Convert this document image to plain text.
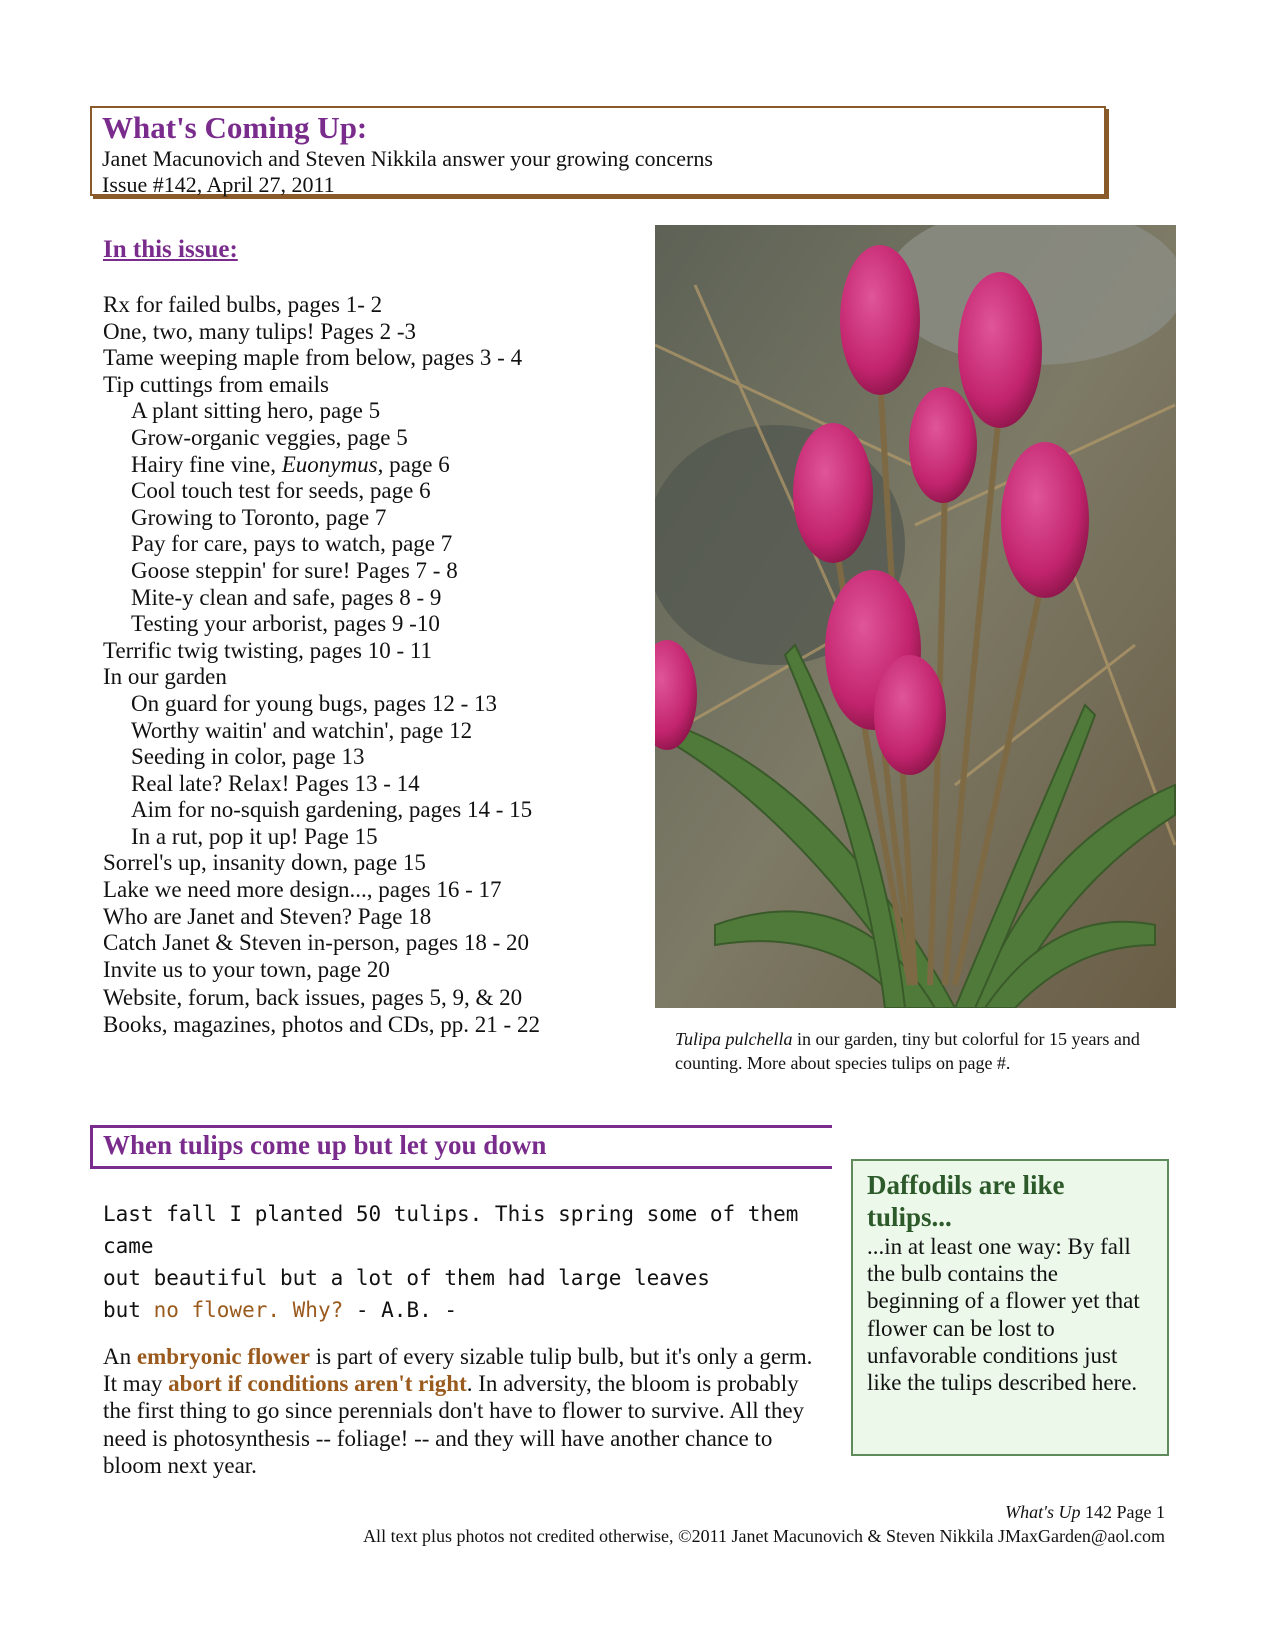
What's Coming Up:
Janet Macunovich and Steven Nikkila answer your growing concerns
Issue #142, April 27, 2011
In this issue:
Rx for failed bulbs, pages 1- 2
One, two, many tulips! Pages 2 -3
Tame weeping maple from below, pages 3 - 4
Tip cuttings from emails
A plant sitting hero, page 5
Grow-organic veggies, page 5
Hairy fine vine, Euonymus, page 6
Cool touch test for seeds, page 6
Growing to Toronto, page 7
Pay for care, pays to watch, page 7
Goose steppin' for sure! Pages 7 - 8
Mite-y clean and safe, pages 8 - 9
Testing your arborist, pages 9 -10
Terrific twig twisting, pages 10 - 11
In our garden
On guard for young bugs, pages 12 - 13
Worthy waitin' and watchin', page 12
Seeding in color, page 13
Real late? Relax! Pages 13 - 14
Aim for no-squish gardening, pages 14 - 15
In a rut, pop it up! Page 15
Sorrel's up, insanity down, page 15
Lake we need more design..., pages 16 - 17
Who are Janet and Steven? Page 18
Catch Janet & Steven in-person, pages 18 - 20
Invite us to your town, page 20
Website, forum, back issues, pages 5, 9, & 20
Books, magazines, photos and CDs, pp. 21 - 22
Tulipa pulchella in our garden, tiny but colorful for 15 years and counting. More about species tulips on page #.
When tulips come up but let you down
Last fall I planted 50 tulips. This spring some of them came
out beautiful but a lot of them had large leaves
but no flower. Why? - A.B. -
An embryonic flower is part of every sizable tulip bulb, but it's only a germ. It may abort if conditions aren't right. In adversity, the bloom is probably the first thing to go since perennials don't have to flower to survive. All they need is photosynthesis -- foliage! -- and they will have another chance to bloom next year.
Daffodils are like tulips...
...in at least one way: By fall the bulb contains the beginning of a flower yet that flower can be lost to unfavorable conditions just like the tulips described here.
What's Up 142 Page 1
All text plus photos not credited otherwise, ©2011 Janet Macunovich & Steven Nikkila JMaxGarden@aol.com
